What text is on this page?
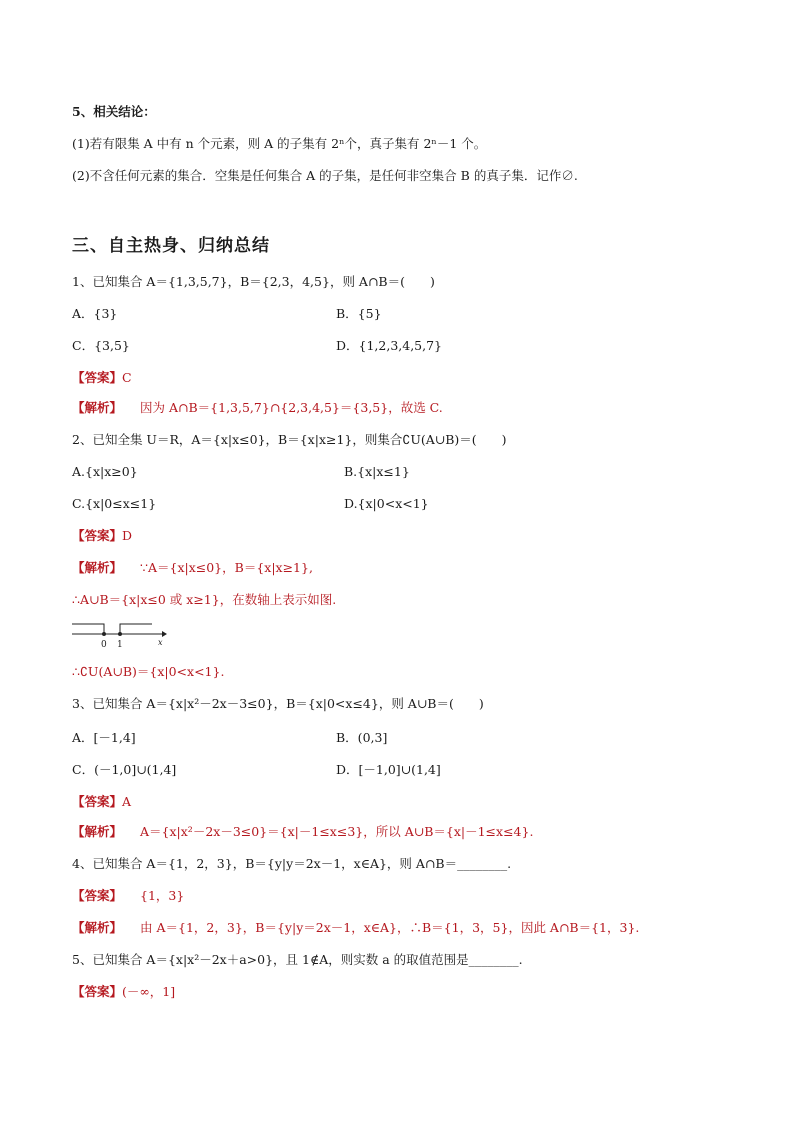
5、相关结论：
(1)若有限集 A 中有 n 个元素，则 A 的子集有 2ⁿ个，真子集有 2ⁿ－1 个。
(2)不含任何元素的集合．空集是任何集合 A 的子集，是任何非空集合 B 的真子集．记作∅.
三、自主热身、归纳总结
1、已知集合 A＝{1,3,5,7}，B＝{2,3，4,5}，则 A∩B＝(　　)
A．{3}	B．{5}
C．{3,5}	D．{1,2,3,4,5,7}
【答案】C
【解析】 因为 A∩B＝{1,3,5,7}∩{2,3,4,5}＝{3,5}，故选 C.
2、已知全集 U＝R，A＝{x|x≤0}，B＝{x|x≥1}，则集合∁U(A∪B)＝(　　)
A.{x|x≥0}	B.{x|x≤1}
C.{x|0≤x≤1}	D.{x|0<x<1}
【答案】D
【解析】 ∵A＝{x|x≤0}，B＝{x|x≥1},
∴A∪B＝{x|x≤0 或 x≥1}，在数轴上表示如图.
0 1	x
∴∁U(A∪B)＝{x|0<x<1}.
3、已知集合 A＝{x|x²－2x－3≤0}，B＝{x|0<x≤4}，则 A∪B＝(　　)
A．[－1,4]	B．(0,3]
C．(－1,0]∪(1,4]	D．[－1,0]∪(1,4]
【答案】A
【解析】 A＝{x|x²－2x－3≤0}＝{x|－1≤x≤3}，所以 A∪B＝{x|－1≤x≤4}.
4、已知集合 A＝{1，2，3}，B＝{y|y＝2x－1，x∈A}，则 A∩B＝________.
【答案】 {1，3}
【解析】 由 A＝{1，2，3}，B＝{y|y＝2x－1，x∈A}，∴B＝{1，3，5}，因此 A∩B＝{1，3}.
5、已知集合 A＝{x|x²－2x＋a>0}，且 1∉A，则实数 a 的取值范围是________.
【答案】(－∞，1]
